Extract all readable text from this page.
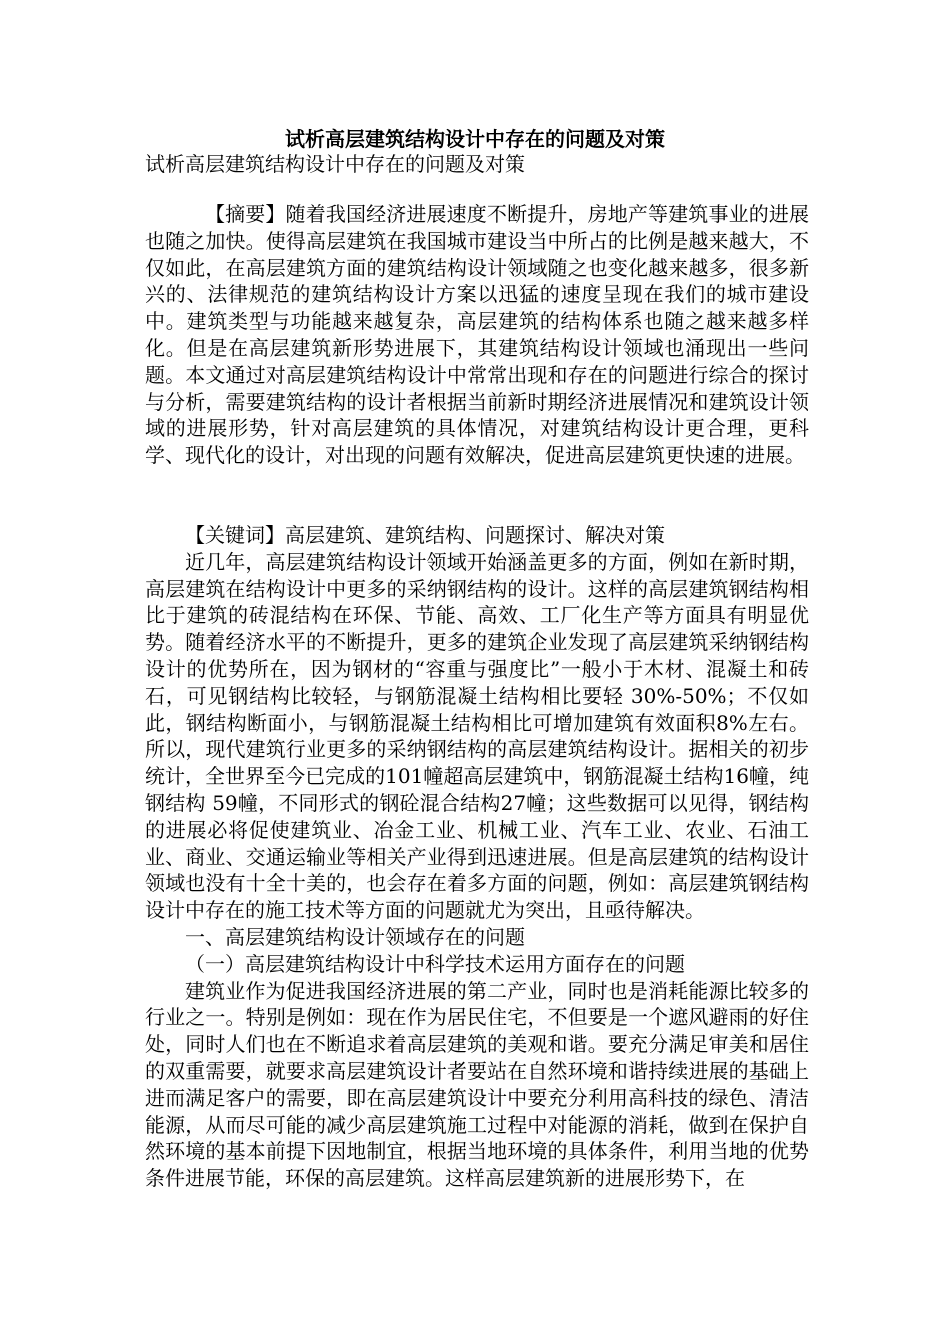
试析高层建筑结构设计中存在的问题及对策
试析高层建筑结构设计中存在的问题及对策

【摘要】随着我国经济进展速度不断提升，房地产等建筑事业的进展也随之加快。使得高层建筑在我国城市建设当中所占的比例是越来越大，不仅如此，在高层建筑方面的建筑结构设计领域随之也变化越来越多，很多新兴的、法律规范的建筑结构设计方案以迅猛的速度呈现在我们的城市建设中。建筑类型与功能越来越复杂，高层建筑的结构体系也随之越来越多样化。但是在高层建筑新形势进展下，其建筑结构设计领域也涌现出一些问题。本文通过对高层建筑结构设计中常常出现和存在的问题进行综合的探讨与分析，需要建筑结构的设计者根据当前新时期经济进展情况和建筑设计领域的进展形势，针对高层建筑的具体情况，对建筑结构设计更合理，更科学、现代化的设计，对出现的问题有效解决，促进高层建筑更快速的进展。

【关键词】高层建筑、建筑结构、问题探讨、解决对策

近几年，高层建筑结构设计领域开始涵盖更多的方面，例如在新时期，高层建筑在结构设计中更多的采纳钢结构的设计。这样的高层建筑钢结构相比于建筑的砖混结构在环保、节能、高效、工厂化生产等方面具有明显优势。随着经济水平的不断提升，更多的建筑企业发现了高层建筑采纳钢结构设计的优势所在，因为钢材的“容重与强度比”一般小于木材、混凝土和砖石，可见钢结构比较轻，与钢筋混凝土结构相比要轻 30%-50%；不仅如此，钢结构断面小，与钢筋混凝土结构相比可增加建筑有效面积8%左右。所以，现代建筑行业更多的采纳钢结构的高层建筑结构设计。据相关的初步统计，全世界至今已完成的101幢超高层建筑中，钢筋混凝土结构16幢，纯钢结构 59幢，不同形式的钢砼混合结构27幢；这些数据可以见得，钢结构的进展必将促使建筑业、冶金工业、机械工业、汽车工业、农业、石油工业、商业、交通运输业等相关产业得到迅速进展。但是高层建筑的结构设计领域也没有十全十美的，也会存在着多方面的问题，例如：高层建筑钢结构设计中存在的施工技术等方面的问题就尤为突出，且亟待解决。

一、高层建筑结构设计领域存在的问题

（一）高层建筑结构设计中科学技术运用方面存在的问题

建筑业作为促进我国经济进展的第二产业，同时也是消耗能源比较多的行业之一。特别是例如：现在作为居民住宅，不但要是一个遮风避雨的好住处，同时人们也在不断追求着高层建筑的美观和谐。要充分满足审美和居住的双重需要，就要求高层建筑设计者要站在自然环境和谐持续进展的基础上进而满足客户的需要，即在高层建筑设计中要充分利用高科技的绿色、清洁能源，从而尽可能的减少高层建筑施工过程中对能源的消耗，做到在保护自然环境的基本前提下因地制宜，根据当地环境的具体条件，利用当地的优势条件进展节能，环保的高层建筑。这样高层建筑新的进展形势下，在
